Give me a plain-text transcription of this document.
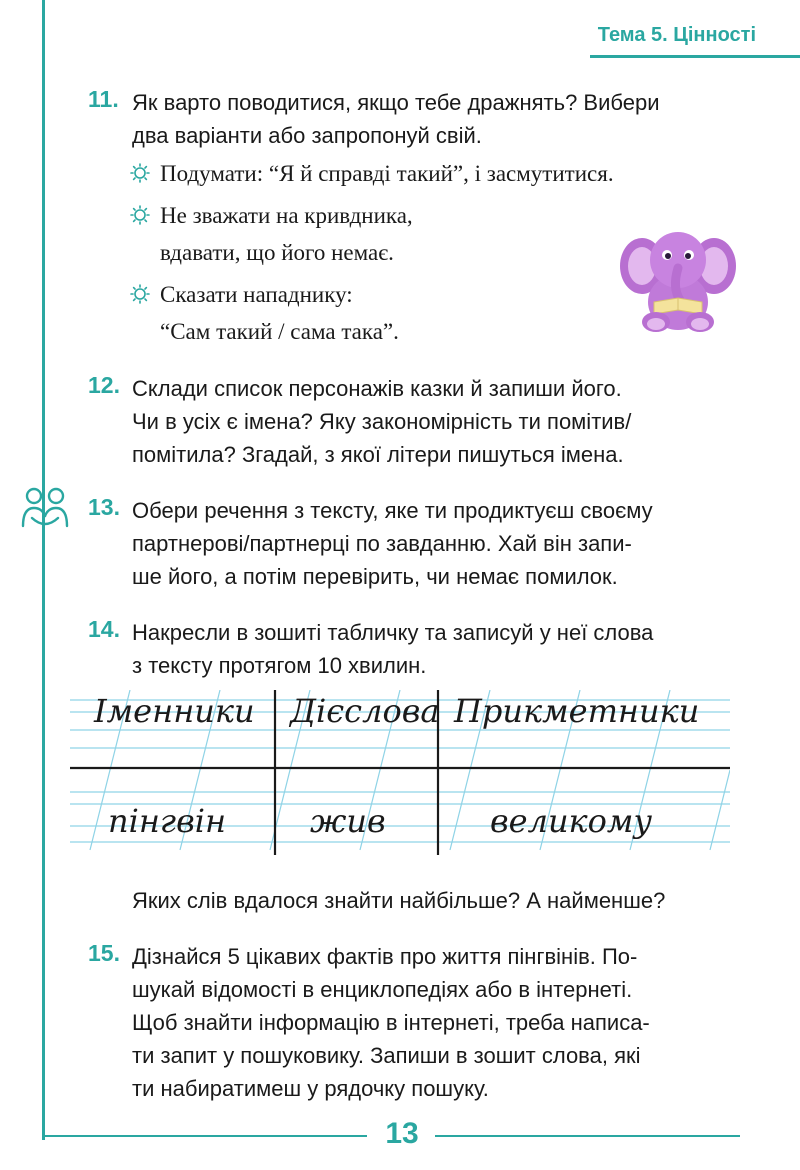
Тема 5. Цінності
11. Як варто поводитися, якщо тебе дражнять? Вибери
два варіанти або запропонуй свій.
Подумати: “Я й справді такий”, і засмутитися.
Не зважати на кривдника,
вдавати, що його немає.
Сказати нападнику:
“Сам такий / сама така”.
12. Склади список персонажів казки й запиши його.
Чи в усіх є імена? Яку закономірність ти помітив/
помітила? Згадай, з якої літери пишуться імена.
13. Обери речення з тексту, яке ти продиктуєш своєму
партнерові/партнерці по завданню. Хай він запи-
ше його, а потім перевірить, чи немає помилок.
14. Накресли в зошиті табличку та записуй у неї слова
з тексту протягом 10 хвилин.
Іменники Дієслова Прикметники
пінгвін	жив	великому
Яких слів вдалося знайти найбільше? А найменше?
15. Дізнайся 5 цікавих фактів про життя пінгвінів. По-
шукай відомості в енциклопедіях або в інтернеті.
Щоб знайти інформацію в інтернеті, треба написа-
ти запит у пошуковику. Запиши в зошит слова, які
ти набиратимеш у рядочку пошуку.
13
